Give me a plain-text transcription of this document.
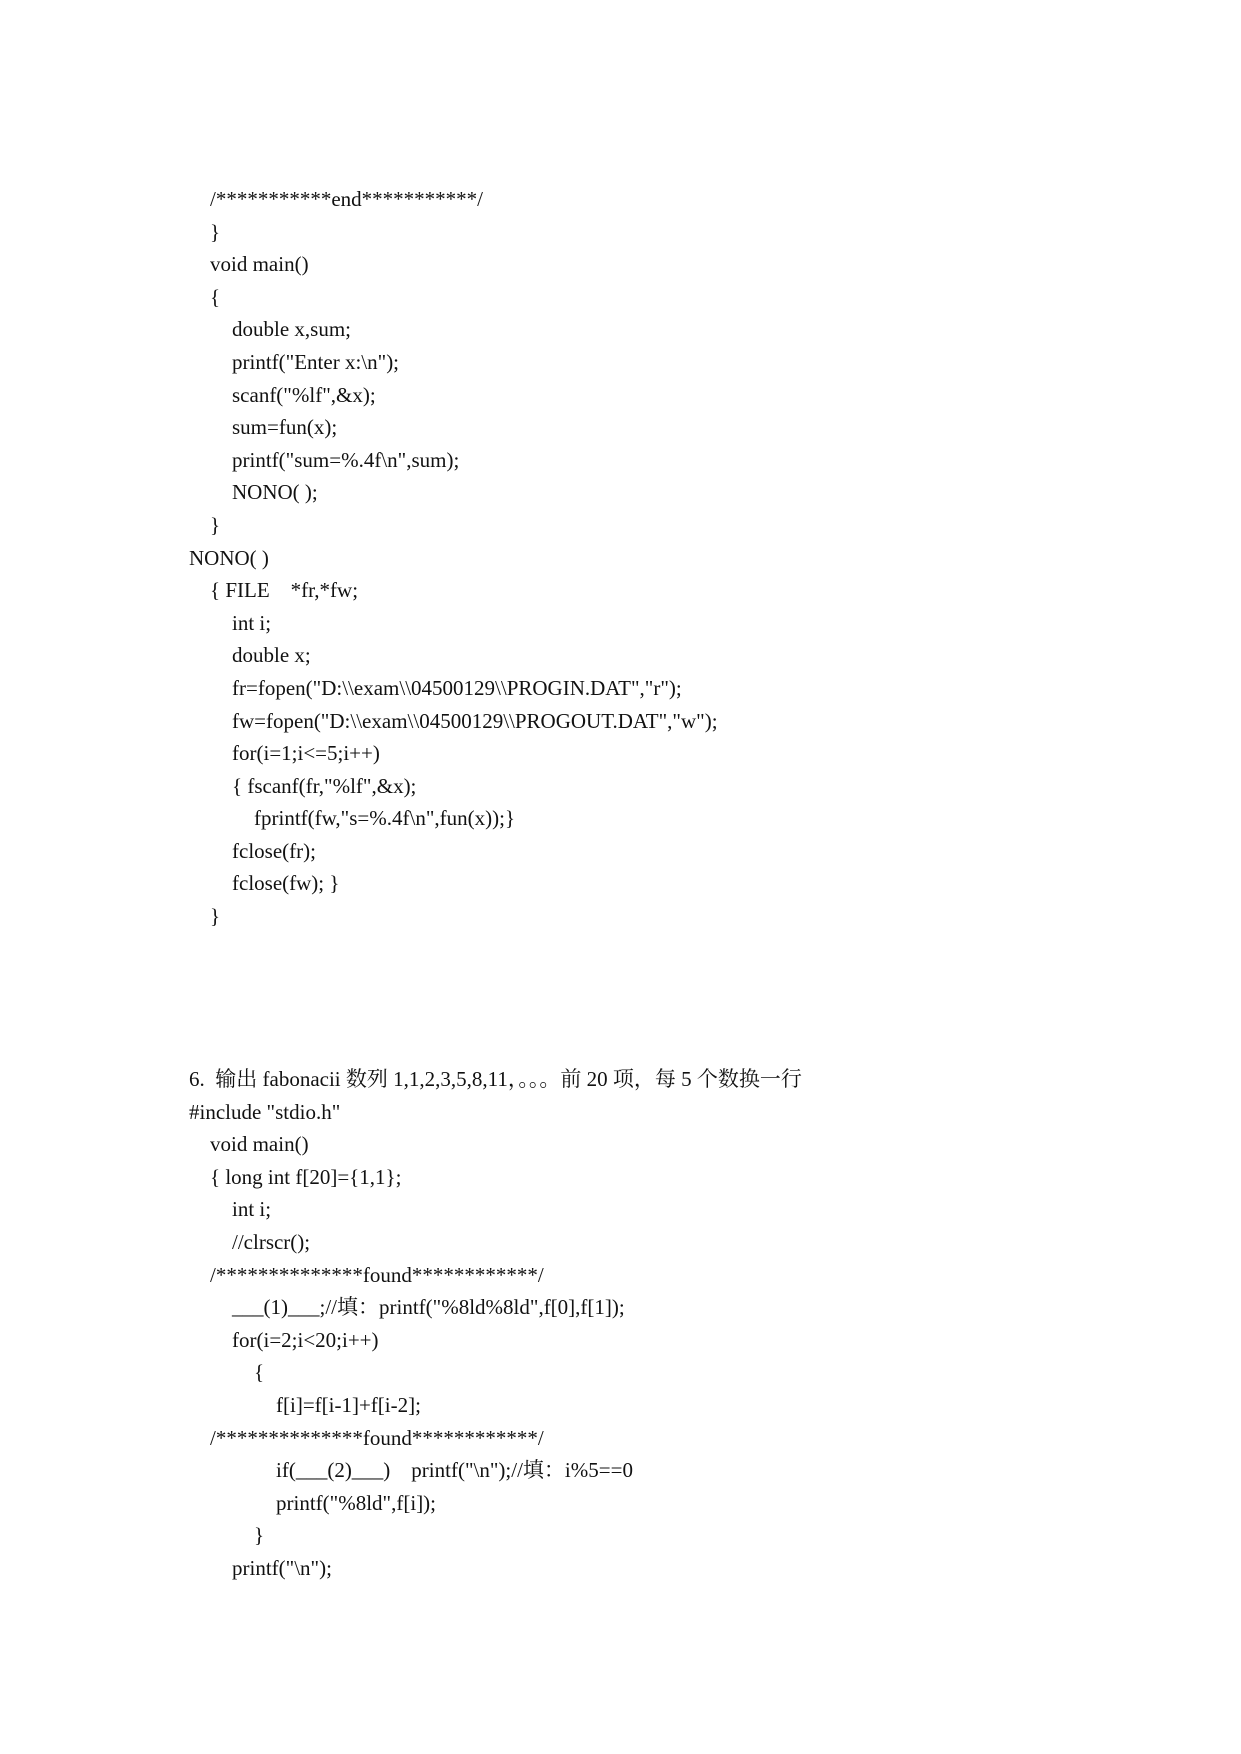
/***********end***********/
}
void main()
{
double x,sum;
printf("Enter x:\n");
scanf("%lf",&x);
sum=fun(x);
printf("sum=%.4f\n",sum);
NONO( );
}
NONO( )
{ FILE    *fr,*fw;
int i;
double x;
fr=fopen("D:\\exam\\04500129\\PROGIN.DAT","r");
fw=fopen("D:\\exam\\04500129\\PROGOUT.DAT","w");
for(i=1;i<=5;i++)
{ fscanf(fr,"%lf",&x);
fprintf(fw,"s=%.4f\n",fun(x));}
fclose(fr);
fclose(fw); }
}
6.  输出 fabonacii 数列 1,1,2,3,5,8,11，。。。前 20 项，每 5 个数换一行
#include "stdio.h"
void main()
{ long int f[20]={1,1};
int i;
//clrscr();
/**************found************/
___(1)___;//填：printf("%8ld%8ld",f[0],f[1]);
for(i=2;i<20;i++)
{
f[i]=f[i-1]+f[i-2];
/**************found************/
if(___(2)___)    printf("\n");//填：i%5==0
printf("%8ld",f[i]);
}
printf("\n");
